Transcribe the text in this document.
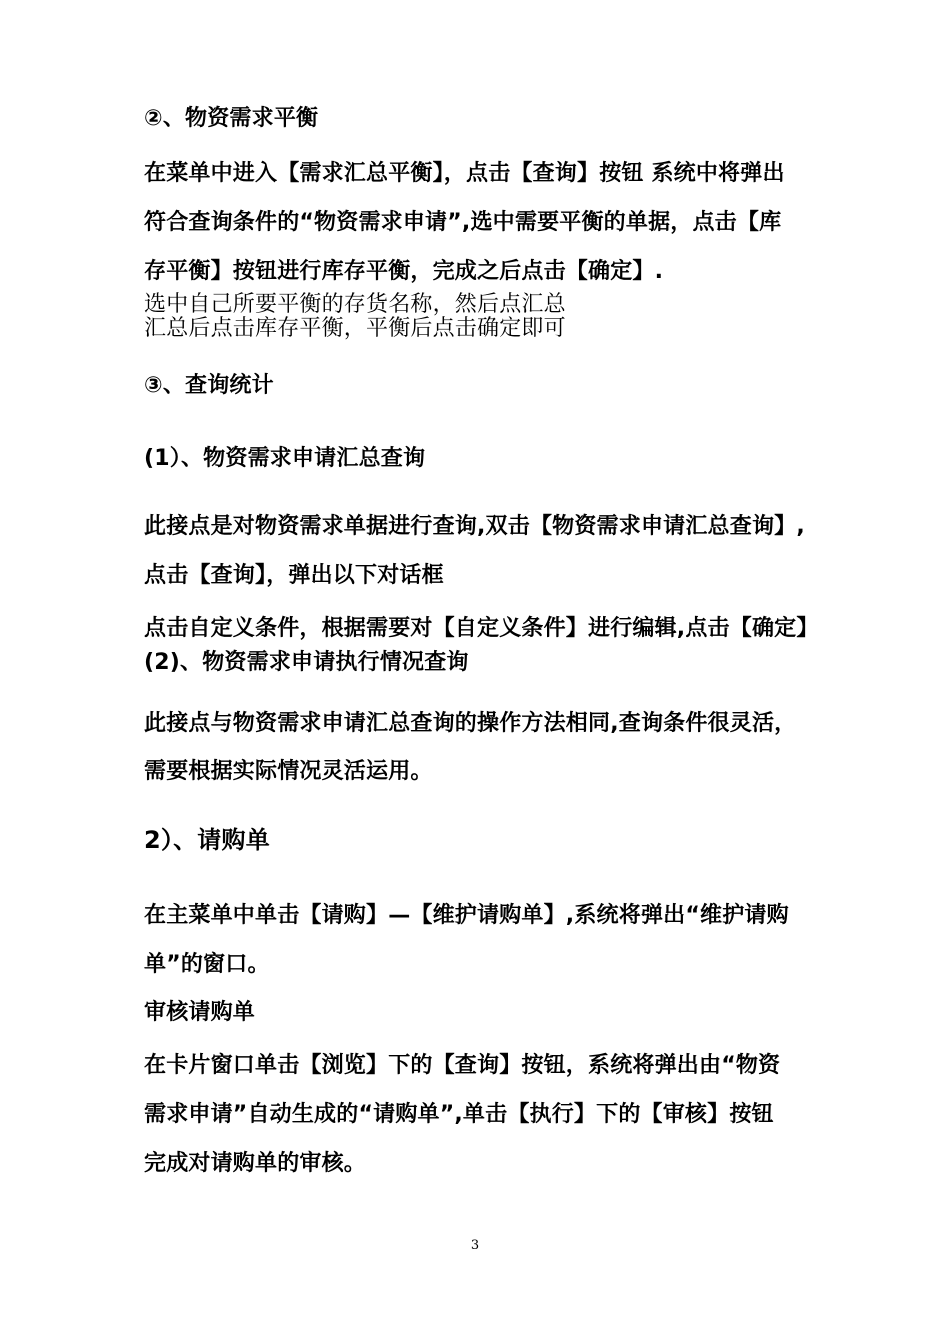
②、物资需求平衡
在菜单中进入【需求汇总平衡】，点击【查询】按钮 系统中将弹出
符合查询条件的“物资需求申请”,选中需要平衡的单据，点击【库
存平衡】按钮进行库存平衡，完成之后点击【确定】.
选中自己所要平衡的存货名称，然后点汇总
汇总后点击库存平衡，平衡后点击确定即可
③、查询统计
(1）、物资需求申请汇总查询
此接点是对物资需求单据进行查询,双击【物资需求申请汇总查询】,
点击【查询】，弹出以下对话框
点击自定义条件，根据需要对【自定义条件】进行编辑,点击【确定】
(2)、物资需求申请执行情况查询
此接点与物资需求申请汇总查询的操作方法相同,查询条件很灵活，
需要根据实际情况灵活运用。
2）、请购单
在主菜单中单击【请购】—【维护请购单】,系统将弹出“维护请购
单”的窗口。
审核请购单
在卡片窗口单击【浏览】下的【查询】按钮，系统将弹出由“物资
需求申请”自动生成的“请购单”,单击【执行】下的【审核】按钮
完成对请购单的审核。
3
